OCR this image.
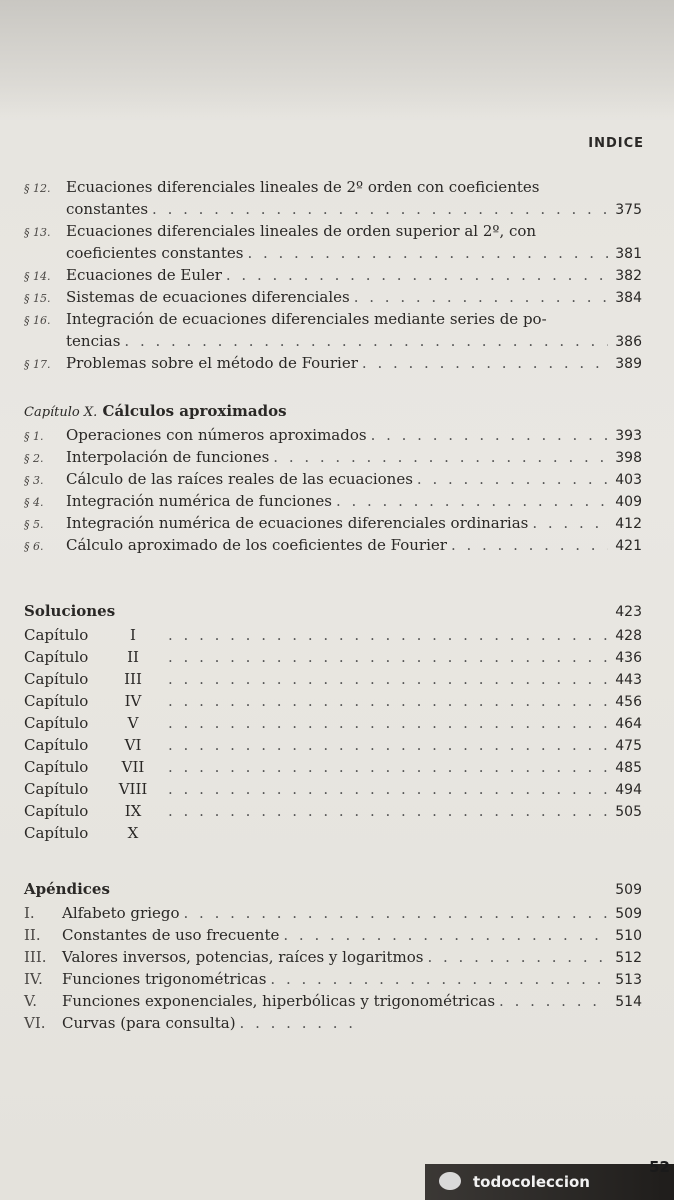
INDICE
§ 12.	Ecuaciones diferenciales lineales de 2º orden con coeficientes
constantes . . .	375
§ 13.	Ecuaciones diferenciales lineales de orden superior al 2º, con
coeficientes constantes . . .	381
§ 14.	Ecuaciones de Euler . . .	382
§ 15.	Sistemas de ecuaciones diferenciales . . .	384
§ 16.	Integración de ecuaciones diferenciales mediante series de po-
tencias . . .	386
§ 17.	Problemas sobre el método de Fourier . . .	389
Capítulo X.
Cálculos aproximados
§ 1.	Operaciones con números aproximados . . .	393
§ 2.	Interpolación de funciones . . .	398
§ 3.	Cálculo de las raíces reales de las ecuaciones . . .	403
§ 4.	Integración numérica de funciones . . .	409
§ 5.	Integración numérica de ecuaciones diferenciales ordinarias . . .	412
§ 6.	Cálculo aproximado de los coeficientes de Fourier . . .	421
Soluciones	423
Capítulo	I . . .	428
Capítulo	II . . .	436
Capítulo	III . . .	443
Capítulo	IV . . .	456
Capítulo	V . . .	464
Capítulo	VI . . .	475
Capítulo	VII . . .	485
Capítulo	VIII . . .	494
Capítulo	IX . . .	505
Capítulo	X
Apéndices	509
I.	Alfabeto griego . . .	509
II.	Constantes de uso frecuente . . .	510
III.	Valores inversos, potencias, raíces y logaritmos . . .	512
IV.	Funciones trigonométricas . . .	513
V.	Funciones exponenciales, hiperbólicas y trigonométricas . . .	514
VI.	Curvas (para consulta)
. . .
todocoleccion
52
